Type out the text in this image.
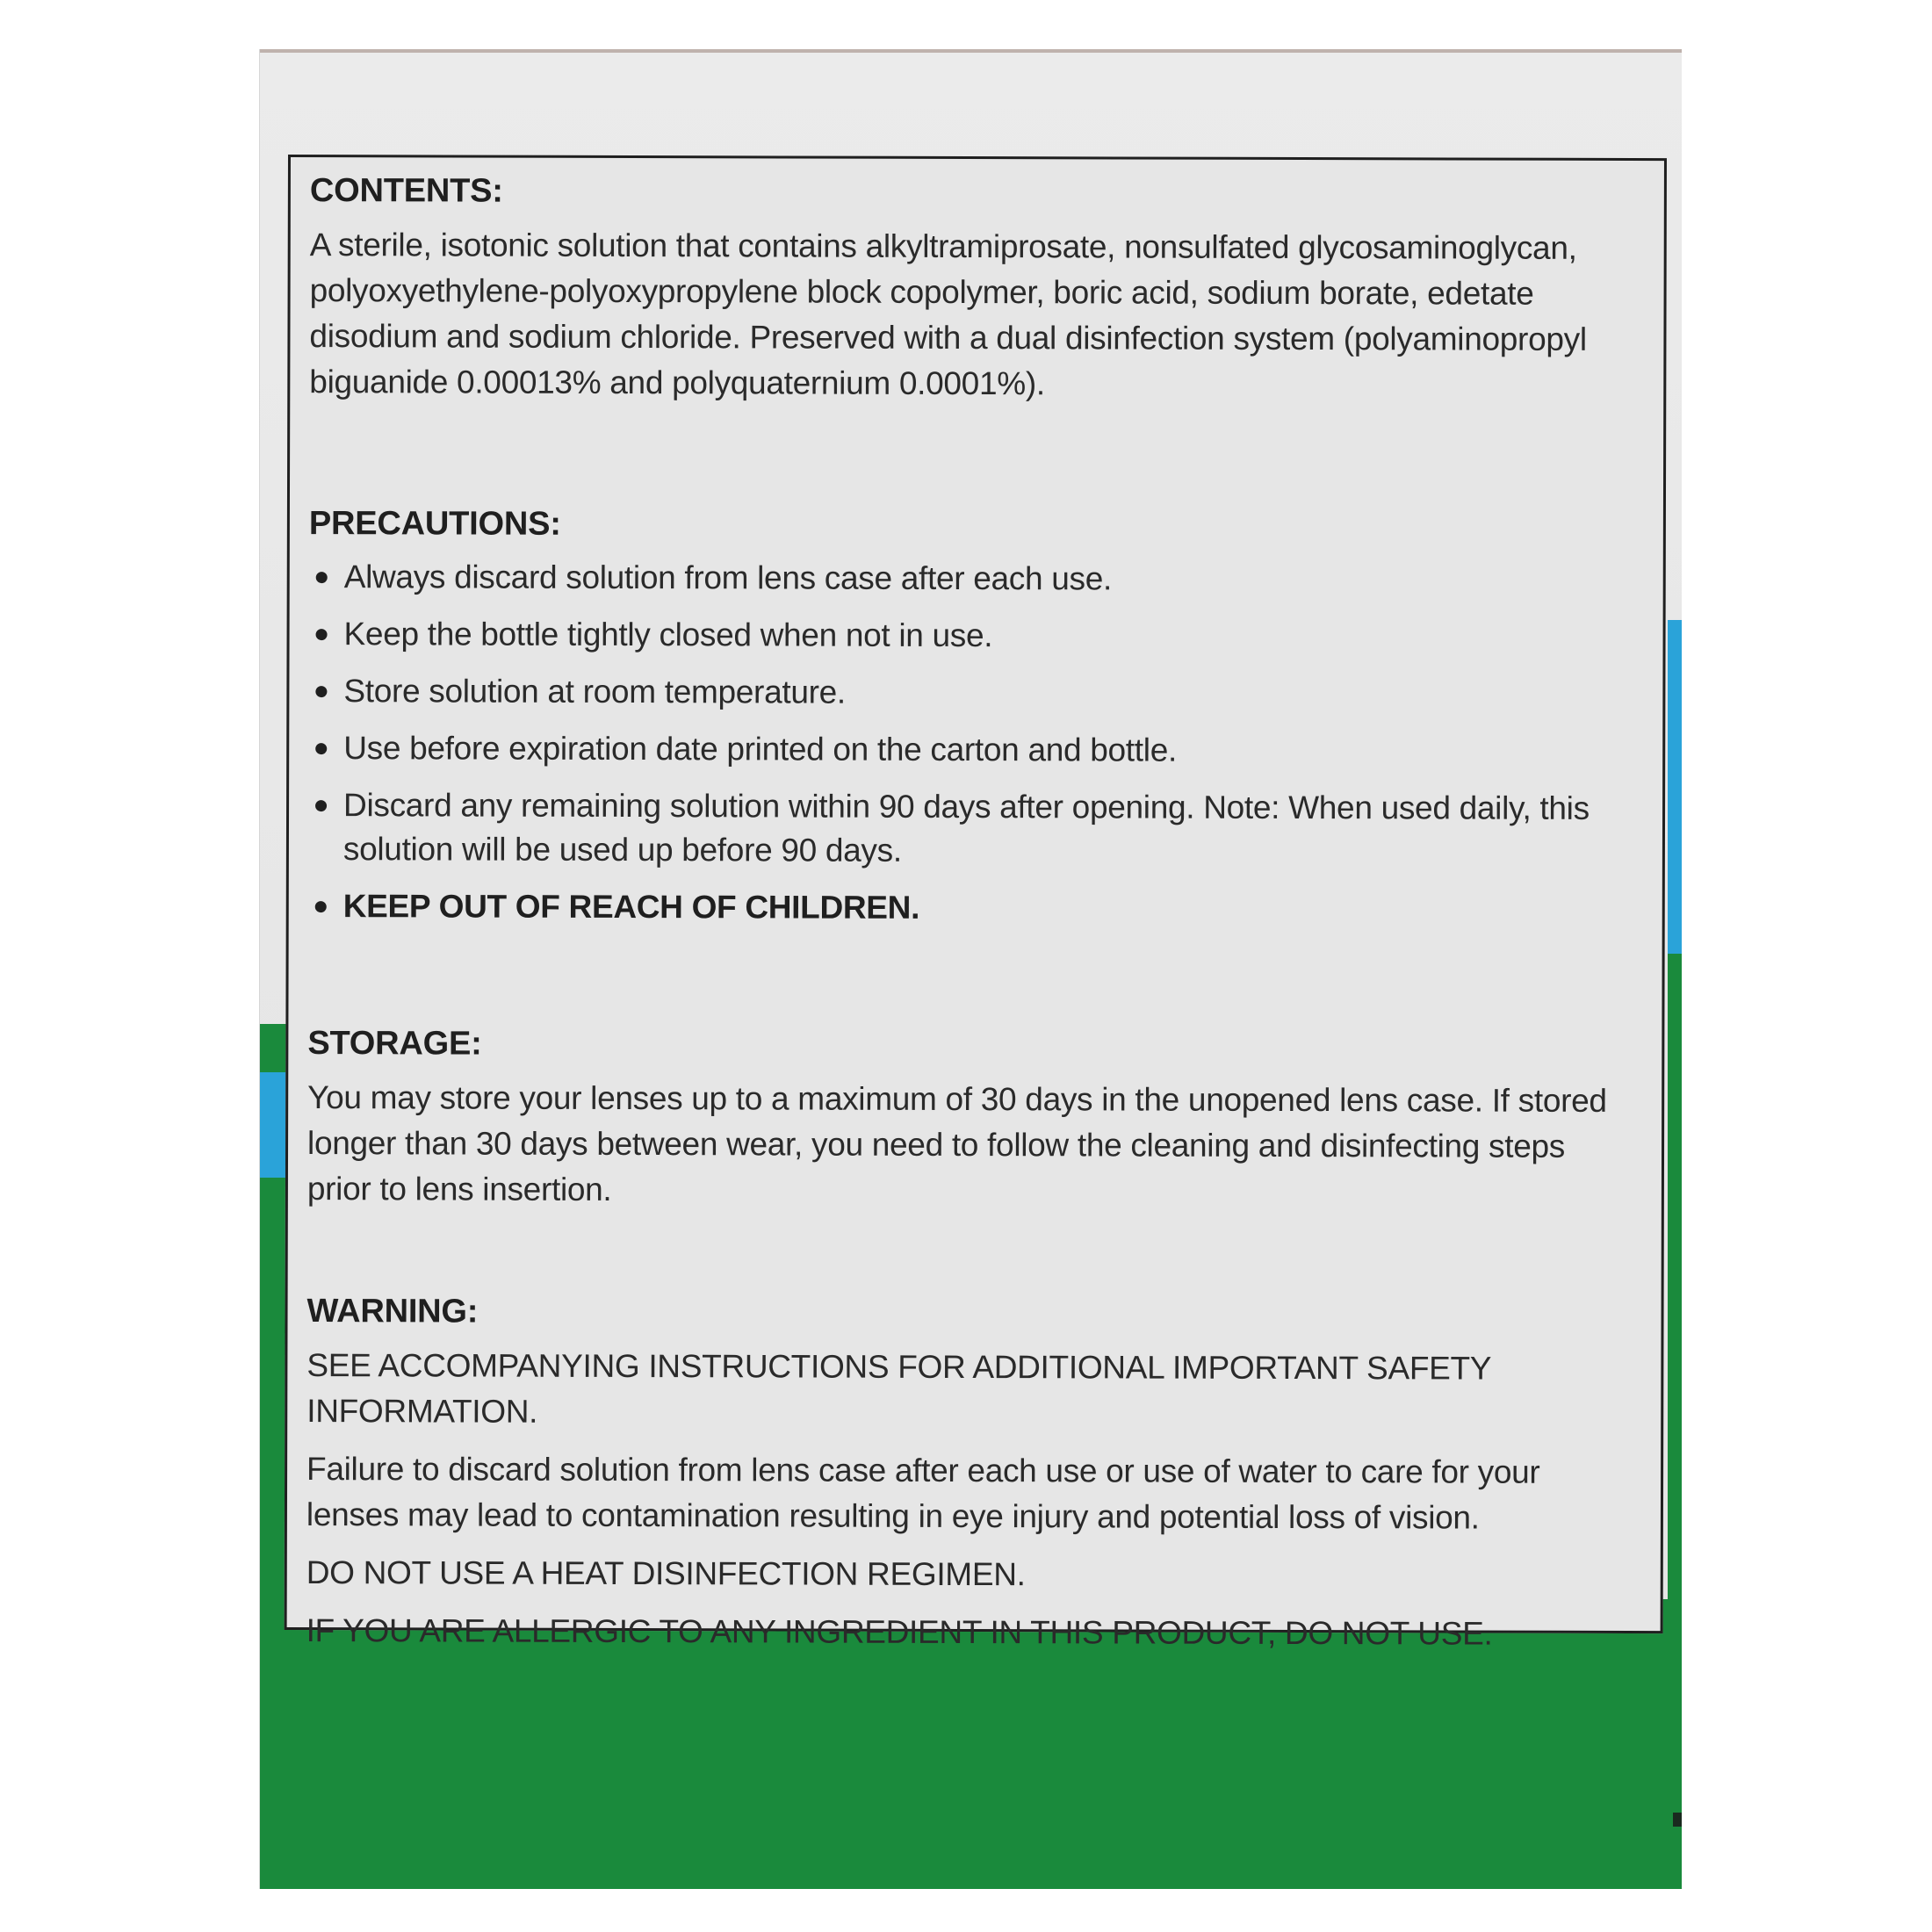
CONTENTS:

A sterile, isotonic solution that contains alkyltramiprosate, nonsulfated glycosaminoglycan, polyoxyethylene-polyoxypropylene block copolymer, boric acid, sodium borate, edetate disodium and sodium chloride. Preserved with a dual disinfection system (polyaminopropyl biguanide 0.00013% and polyquaternium 0.0001%).

PRECAUTIONS:
Always discard solution from lens case after each use.
Keep the bottle tightly closed when not in use.
Store solution at room temperature.
Use before expiration date printed on the carton and bottle.
Discard any remaining solution within 90 days after opening. Note: When used daily, this solution will be used up before 90 days.
KEEP OUT OF REACH OF CHILDREN.
STORAGE:

You may store your lenses up to a maximum of 30 days in the unopened lens case. If stored longer than 30 days between wear, you need to follow the cleaning and disinfecting steps prior to lens insertion.

WARNING:

SEE ACCOMPANYING INSTRUCTIONS FOR ADDITIONAL IMPORTANT SAFETY INFORMATION.

Failure to discard solution from lens case after each use or use of water to care for your lenses may lead to contamination resulting in eye injury and potential loss of vision.

DO NOT USE A HEAT DISINFECTION REGIMEN.

IF YOU ARE ALLERGIC TO ANY INGREDIENT IN THIS PRODUCT, DO NOT USE.
